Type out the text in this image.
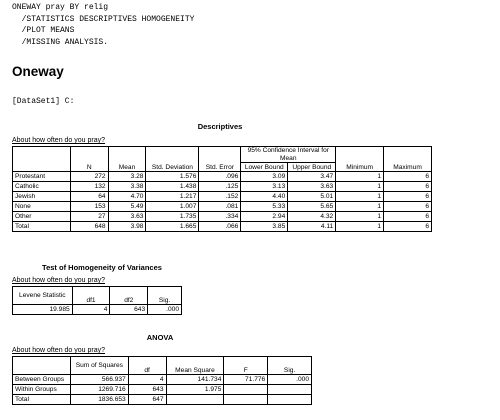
ONEWAY pray BY relig
/STATISTICS DESCRIPTIVES HOMOGENEITY
/PLOT MEANS
/MISSING ANALYSIS.
Oneway
[DataSet1] C:
Descriptives
About how often do you pray?
	N	Mean	Std. Deviation	Std. Error	95% Confidence Interval for Mean		Minimum	Maximum
					Lower Bound	Upper Bound		
Protestant	272	3.28	1.576	.096	3.09	3.47	1	6
Catholic	132	3.38	1.438	.125	3.13	3.63	1	6
Jewish	64	4.70	1.217	.152	4.40	5.01	1	6
None	153	5.49	1.007	.081	5.33	5.65	1	6
Other	27	3.63	1.735	.334	2.94	4.32	1	6
Total	648	3.98	1.665	.066	3.85	4.11	1	6
Test of Homogeneity of Variances
About how often do you pray?
Levene Statistic	df1	df2	Sig.
19.985	4	643	.000
ANOVA
About how often do you pray?
	Sum of Squares	df	Mean Square	F	Sig.
Between Groups	566.937	4	141.734	71.776	.000
Within Groups	1269.716	643	1.975		
Total	1836.653	647			
